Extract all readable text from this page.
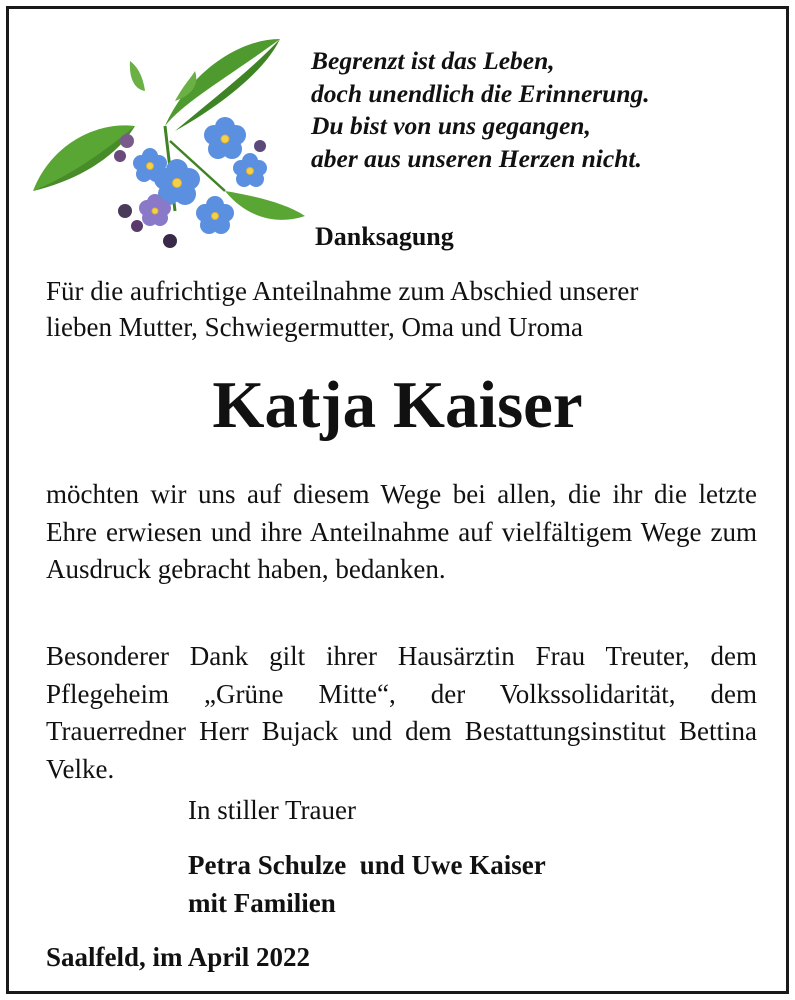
Begrenzt ist das Leben,
doch unendlich die Erinnerung.
Du bist von uns gegangen,
aber aus unseren Herzen nicht.
Danksagung
Für die aufrichtige Anteilnahme zum Abschied unserer
lieben Mutter, Schwiegermutter, Oma und Uroma
Katja Kaiser
möchten wir uns auf diesem Wege bei allen, die ihr die letzte Ehre erwiesen und ihre Anteilnahme auf vielfältigem Wege zum Ausdruck gebracht haben, bedanken.
Besonderer Dank gilt ihrer Hausärztin Frau Treuter, dem Pflegeheim „Grüne Mitte“, der Volkssolidarität, dem Trauerredner Herr Bujack und dem Bestattungsinstitut Bettina Velke.
In stiller Trauer
Petra Schulze  und Uwe Kaiser
mit Familien
Saalfeld, im April 2022
